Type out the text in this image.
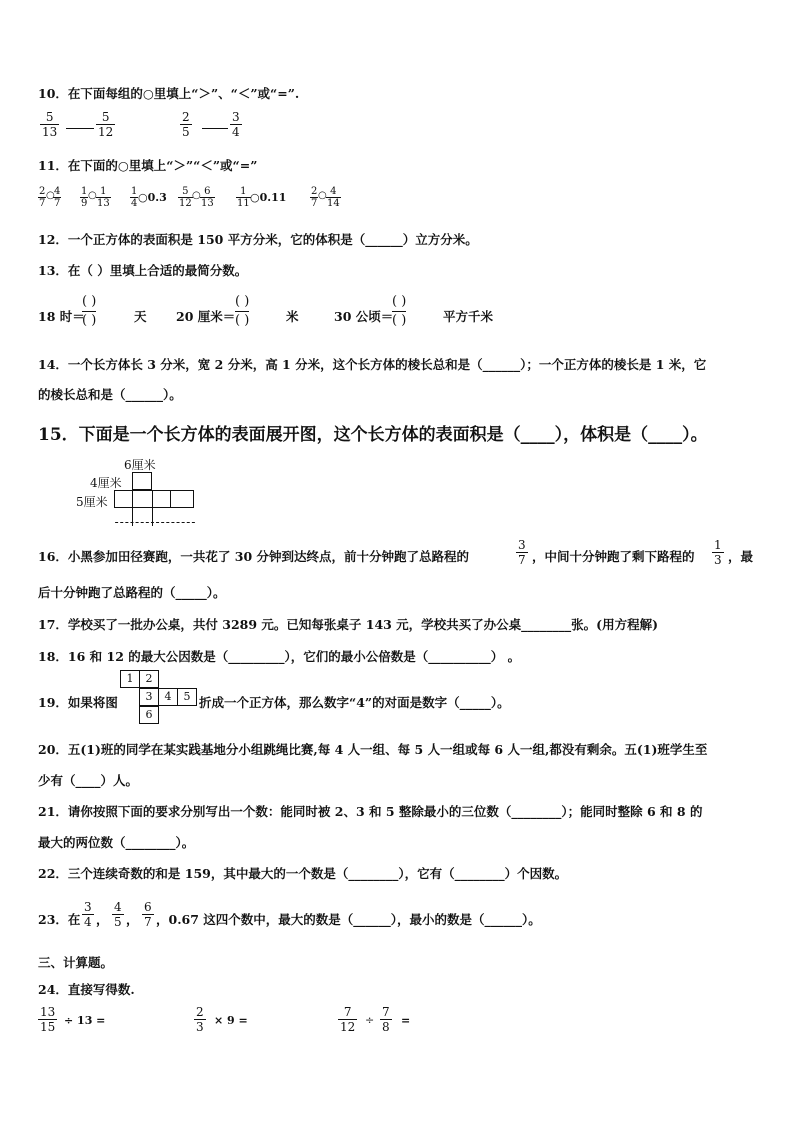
10．在下面每组的○里填上“＞”、“＜”或“=”.
$\frac{5}{13}$	$\frac{5}{12}$	$\frac{2}{5}$	$\frac{3}{4}$
11．在下面的○里填上“＞”“＜”或“=”
2
7
○ 4
7
1
9
○ 1
13
1
4 ○0.3 5
12
○ 6
13
1
11 ○0.11 2
7
○ 4
14
12．一个正方体的表面积是 150 平方分米，它的体积是（______）立方分米。
13．在（ ）里填上合适的最简分数。
18 时＝
( )
( )	天 20 厘米＝
( )
( )	米	30 公顷＝
( )
( )	平方千米
14．一个长方体长 3 分米，宽 2 分米，高 1 分米，这个长方体的棱长总和是（______）；一个正方体的棱长是 1 米，它
的棱长总和是（______）。
15．下面是一个长方体的表面展开图，这个长方体的表面积是（____），体积是（____）。
6厘米
4厘米
5厘米
16．小黑参加田径赛跑，一共花了 30 分钟到达终点，前十分钟跑了总路程的	$\frac{3}{7}$ ，中间十分钟跑了剩下路程的 $\frac{1}{3}$ ，最
后十分钟跑了总路程的（_____）。
17．学校买了一批办公桌，共付 3289 元。已知每张桌子 143 元，学校共买了办公桌________张。(用方程解)
18．16 和 12 的最大公因数是（_________），它们的最小公倍数是（__________） 。
19．如果将图
1	2
3	4	5
6
折成一个正方体，那么数字“4”的对面是数字（_____）。
20．五(1)班的同学在某实践基地分小组跳绳比赛,每 4 人一组、每 5 人一组或每 6 人一组,都没有剩余。五(1)班学生至
少有（____）人。
21．请你按照下面的要求分别写出一个数：能同时被 2、3 和 5 整除最小的三位数（________）；能同时整除 6 和 8 的
最大的两位数（________）。
22．三个连续奇数的和是 159，其中最大的一个数是（________），它有（________）个因数。
23．在 $\frac{3}{4}$ ， $\frac{4}{5}$ ， $\frac{6}{7}$ ，0.67 这四个数中，最大的数是（______），最小的数是（______）。
三、计算题。
24．直接写得数.
$\frac{13}{15} \div 13$ =	$\frac{2}{3} \times 9$ =	$\frac{7}{12} \div \frac{7}{8}$ =
